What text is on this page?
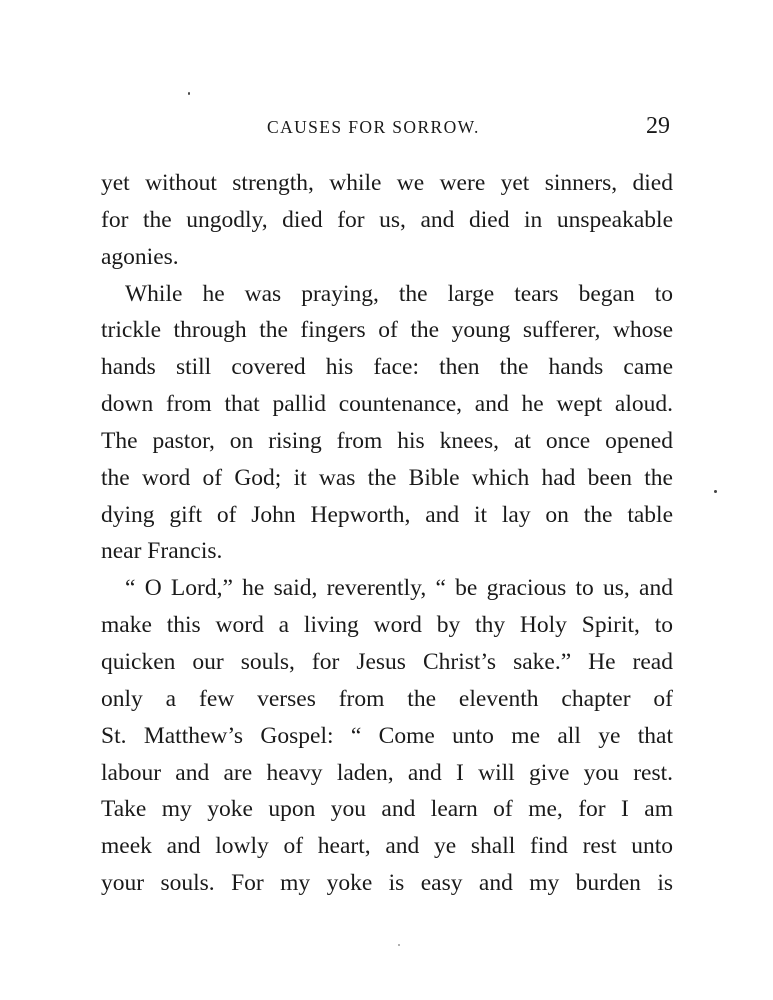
CAUSES FOR SORROW.	29
yet without strength, while we were yet sinners, died
for the ungodly, died for us, and died in unspeakable
agonies.
While he was praying, the large tears began to
trickle through the fingers of the young sufferer, whose
hands still covered his face: then the hands came
down from that pallid countenance, and he wept aloud.
The pastor, on rising from his knees, at once opened
the word of God; it was the Bible which had been the
dying gift of John Hepworth, and it lay on the table
near Francis.
“ O Lord,” he said, reverently, “ be gracious to us, and
make this word a living word by thy Holy Spirit, to
quicken our souls, for Jesus Christ’s sake.” He read
only a few verses from the eleventh chapter of
St. Matthew’s Gospel: “ Come unto me all ye that
labour and are heavy laden, and I will give you rest.
Take my yoke upon you and learn of me, for I am
meek and lowly of heart, and ye shall find rest unto
your souls. For my yoke is easy and my burden is
